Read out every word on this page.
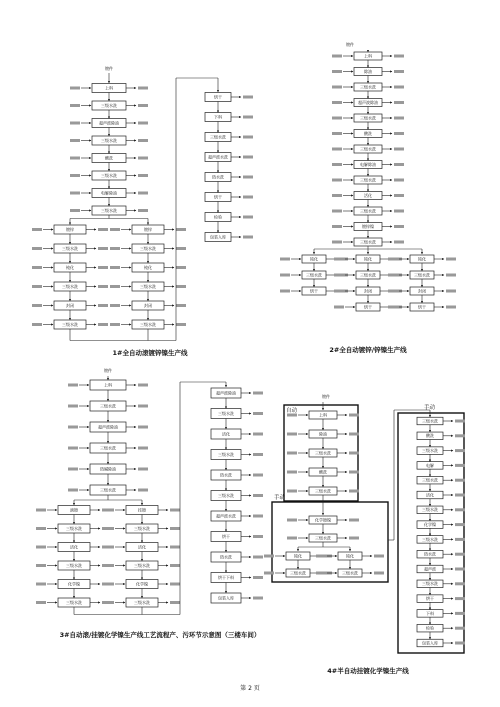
镀件
上料
三级水洗
超声波除油
三级水洗
酸洗
三级水洗
电解除油
三级水洗
镀锌
三级水洗
钝化
三级水洗
封闭
三级水洗
镀锌
三级水洗
钝化
三级水洗
封闭
三级水洗
烘干
下料
三级水洗
超声波水洗
热水洗
烘干
检验
包装入库
1#全自动滚镀锌镍生产线
镀件
上料
除油
三级水洗
超声波除油
三级水洗
酸洗
三级水洗
电解除油
三级水洗
活化
三级水洗
镀锌镍
三级水洗
钝化
三级水洗
烘干
钝化
三级水洗
封闭
烘干
钝化
三级水洗
封闭
烘干
2#全自动镀锌/锌镍生产线
镀件
上料
三级水洗
超声波除油
三级水洗
热碱除油
三级水洗
滚镀
三级水洗
活化
三级水洗
化学镍
三级水洗
挂镀
三级水洗
活化
三级水洗
化学镍
三级水洗
超声波除油
三级水洗
活化
三级水洗
热水洗
三级水洗
超声波水洗
烘干
热水洗
烘干下料
包装入库
3#自动滚/挂镀化学镍生产线工艺流程产、污环节示意图（三楼车间）
自动
手动
手动
镀件
上料
除油
三级水洗
酸洗
三级水洗
化学镀镍
三级水洗
钝化
三级水洗
钝化
三级水洗
三级水洗
酸洗
三级水洗
电解
三级水洗
活化
三级水洗
化学镍
三级水洗
热水洗
超声波
三级水洗
烘干
下料
检验
包装入库
4#半自动挂镀化学镍生产线
第 2 页
